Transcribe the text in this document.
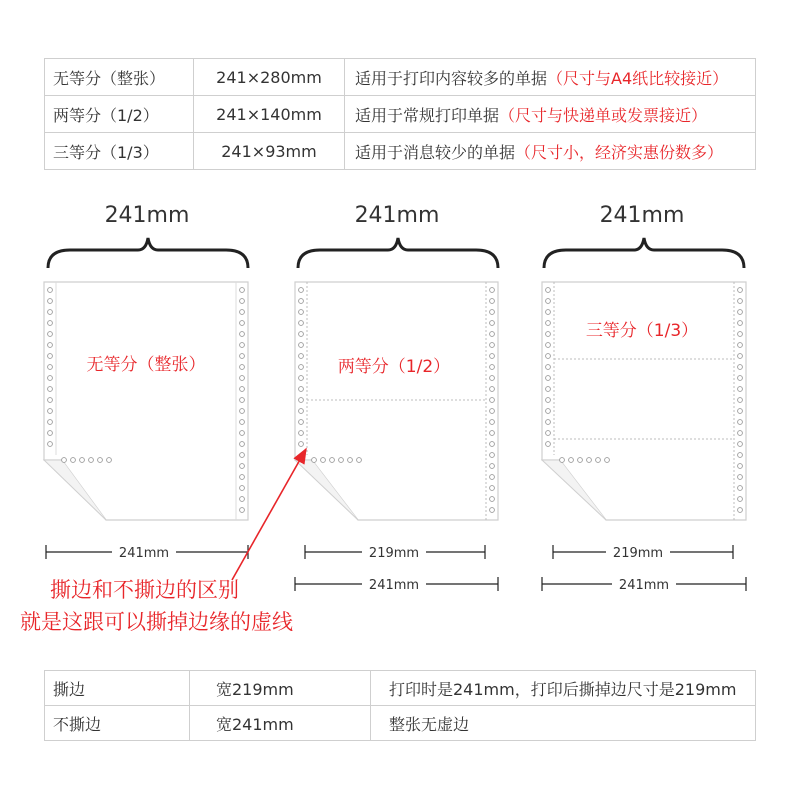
无等分（整张）	241×280mm	适用于打印内容较多的单据（尺寸与A4纸比较接近）
两等分（1/2）	241×140mm	适用于常规打印单据（尺寸与快递单或发票接近）
三等分（1/3）	241×93mm	适用于消息较少的单据（尺寸小，经济实惠份数多）
241mm
无等分（整张）
241mm
241mm
两等分（1/2）
219mm
241mm
241mm
三等分（1/3）
219mm
241mm
撕边和不撕边的区别
就是这跟可以撕掉边缘的虚线
撕边	宽219mm	打印时是241mm，打印后撕掉边尺寸是219mm
不撕边	宽241mm	整张无虚边
